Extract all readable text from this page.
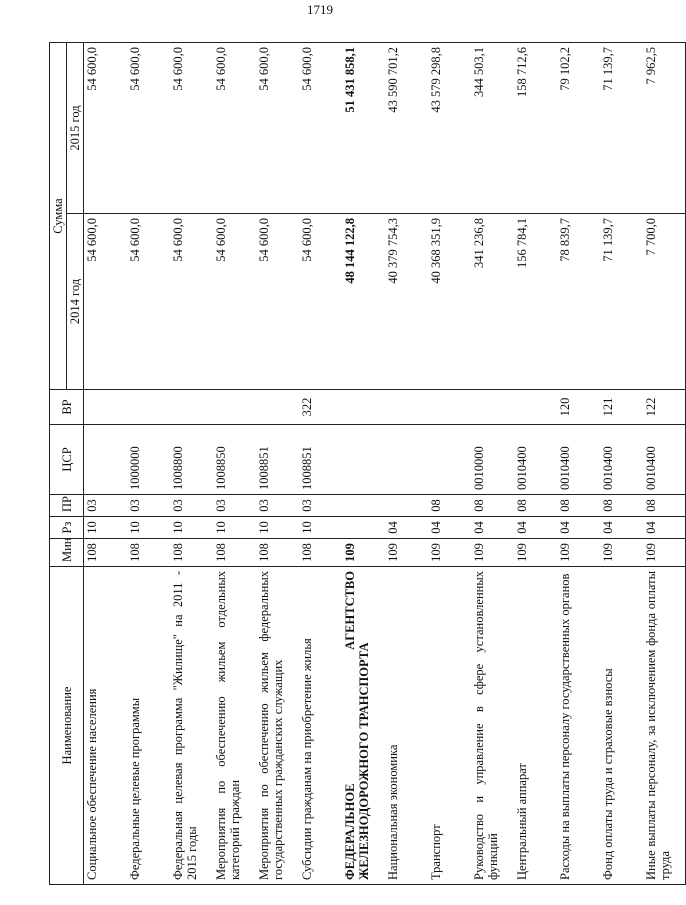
1719
Наименование	Мин	Рз	ПР	ЦСР	ВР	Сумма	
						2014 год	2015 год
Социальное обеспечение населения	108	10	03			54 600,0	54 600,0
Федеральные целевые программы	108	10	03	1000000		54 600,0	54 600,0
Федеральная целевая программа "Жилище" на 2011 - 2015 годы	108	10	03	1008800		54 600,0	54 600,0
Мероприятия по обеспечению жильем отдельных категорий граждан	108	10	03	1008850		54 600,0	54 600,0
Мероприятия по обеспечению жильем федеральных государственных гражданских служащих	108	10	03	1008851		54 600,0	54 600,0
Субсидии гражданам на приобретение жилья	108	10	03	1008851	322	54 600,0	54 600,0
ФЕДЕРАЛЬНОЕ АГЕНТСТВО ЖЕЛЕЗНОДОРОЖНОГО ТРАНСПОРТА	109					48 144 122,8	51 431 858,1
Национальная экономика	109	04				40 379 754,3	43 590 701,2
Транспорт	109	04	08			40 368 351,9	43 579 298,8
Руководство и управление в сфере установленных функций	109	04	08	0010000		341 236,8	344 503,1
Центральный аппарат	109	04	08	0010400		156 784,1	158 712,6
Расходы на выплаты персоналу государственных органов	109	04	08	0010400	120	78 839,7	79 102,2
Фонд оплаты труда и страховые взносы	109	04	08	0010400	121	71 139,7	71 139,7
Иные выплаты персоналу, за исключением фонда оплаты труда	109	04	08	0010400	122	7 700,0	7 962,5
